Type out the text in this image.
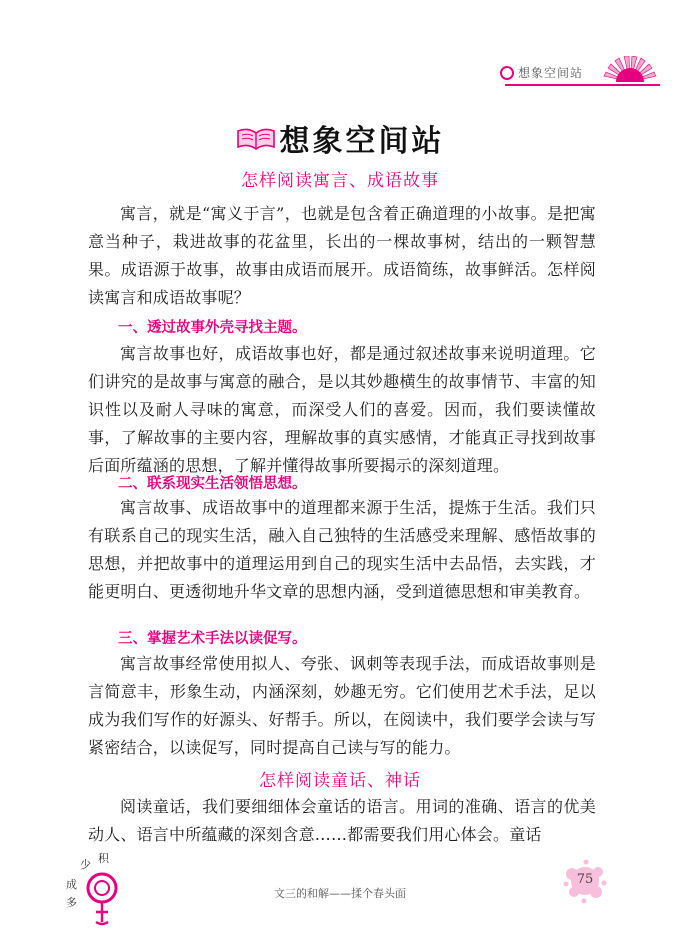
想象空间站
想象空间站
怎样阅读寓言、成语故事

寓言，就是“寓义于言”，也就是包含着正确道理的小故事。是把寓意当种子，栽进故事的花盆里，长出的一棵故事树，结出的一颗智慧果。成语源于故事，故事由成语而展开。成语简练，故事鲜活。怎样阅读寓言和成语故事呢？

一、透过故事外壳寻找主题。

寓言故事也好，成语故事也好，都是通过叙述故事来说明道理。它们讲究的是故事与寓意的融合，是以其妙趣横生的故事情节、丰富的知识性以及耐人寻味的寓意，而深受人们的喜爱。因而，我们要读懂故事，了解故事的主要内容，理解故事的真实感情，才能真正寻找到故事后面所蕴涵的思想，了解并懂得故事所要揭示的深刻道理。

二、联系现实生活领悟思想。

寓言故事、成语故事中的道理都来源于生活，提炼于生活。我们只有联系自己的现实生活，融入自己独特的生活感受来理解、感悟故事的思想，并把故事中的道理运用到自己的现实生活中去品悟，去实践，才能更明白、更透彻地升华文章的思想内涵，受到道德思想和审美教育。

三、掌握艺术手法以读促写。

寓言故事经常使用拟人、夸张、讽刺等表现手法，而成语故事则是言简意丰，形象生动，内涵深刻，妙趣无穷。它们使用艺术手法，足以成为我们写作的好源头、好帮手。所以，在阅读中，我们要学会读与写紧密结合，以读促写，同时提高自己读与写的能力。

怎样阅读童话、神话

阅读童话，我们要细细体会童话的语言。用词的准确、语言的优美动人、语言中所蕴藏的深刻含意……都需要我们用心体会。童话

少 积
成
多
文三的和解——揉个春头面
75
